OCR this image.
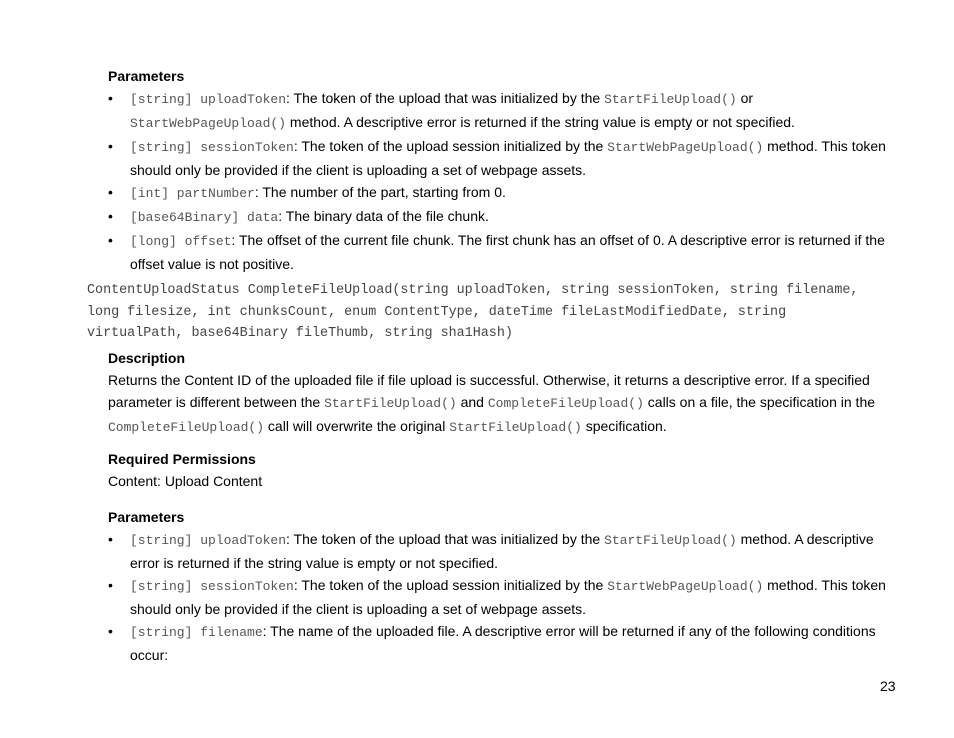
Parameters
• [string] uploadToken: The token of the upload that was initialized by the StartFileUpload() or StartWebPageUpload() method. A descriptive error is returned if the string value is empty or not specified.
• [string] sessionToken: The token of the upload session initialized by the StartWebPageUpload() method. This token should only be provided if the client is uploading a set of webpage assets.
• [int] partNumber: The number of the part, starting from 0.
• [base64Binary] data: The binary data of the file chunk.
• [long] offset: The offset of the current file chunk. The first chunk has an offset of 0. A descriptive error is returned if the offset value is not positive.
ContentUploadStatus CompleteFileUpload(string uploadToken, string sessionToken, string filename, long filesize, int chunksCount, enum ContentType, dateTime fileLastModifiedDate, string virtualPath, base64Binary fileThumb, string sha1Hash)
Description
Returns the Content ID of the uploaded file if file upload is successful. Otherwise, it returns a descriptive error. If a specified parameter is different between the StartFileUpload() and CompleteFileUpload() calls on a file, the specification in the CompleteFileUpload() call will overwrite the original StartFileUpload() specification.
Required Permissions
Content: Upload Content
Parameters
• [string] uploadToken: The token of the upload that was initialized by the StartFileUpload() method. A descriptive error is returned if the string value is empty or not specified.
• [string] sessionToken: The token of the upload session initialized by the StartWebPageUpload() method. This token should only be provided if the client is uploading a set of webpage assets.
• [string] filename: The name of the uploaded file. A descriptive error will be returned if any of the following conditions occur:
23
